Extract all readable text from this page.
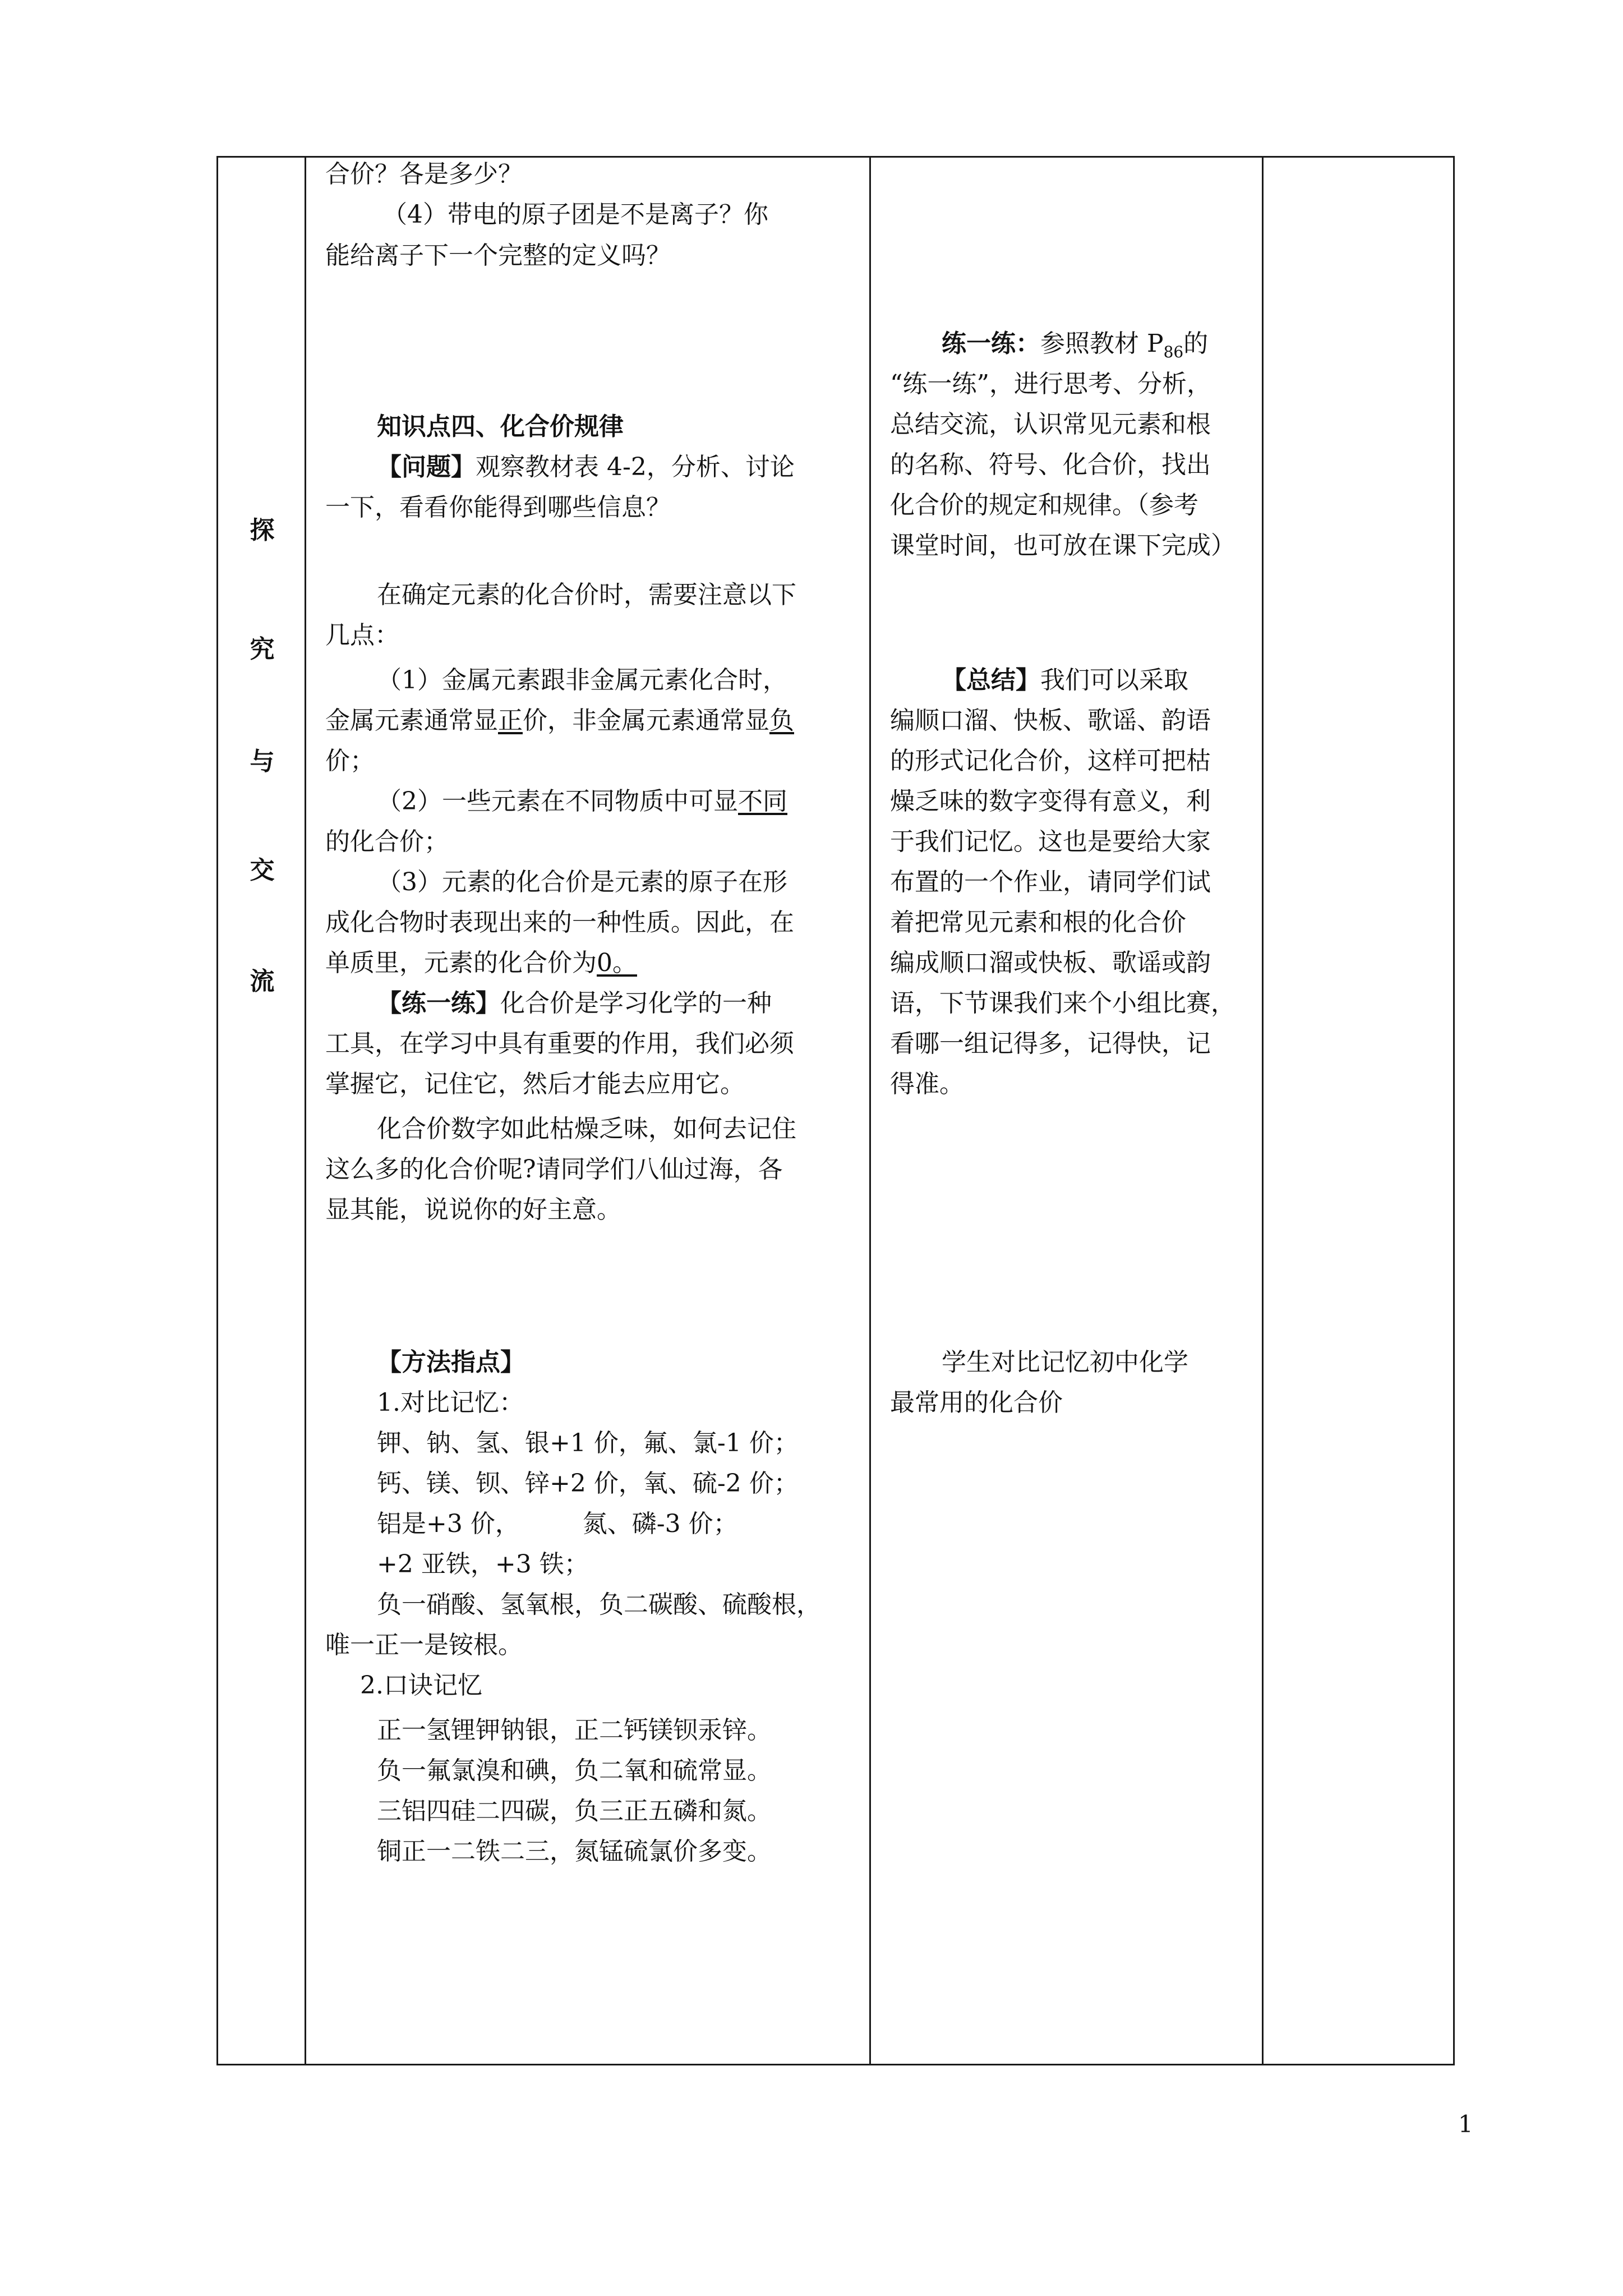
探
究
与
交
流
合价？各是多少？
（4）带电的原子团是不是离子？你
能给离子下一个完整的定义吗？
知识点四、化合价规律
【问题】观察教材表 4-2，分析、讨论
一下，看看你能得到哪些信息？
在确定元素的化合价时，需要注意以下
几点：
（1）金属元素跟非金属元素化合时，
金属元素通常显正价，非金属元素通常显负
价；
（2）一些元素在不同物质中可显不同
的化合价；
（3）元素的化合价是元素的原子在形
成化合物时表现出来的一种性质。因此，在
单质里，元素的化合价为0。
【练一练】化合价是学习化学的一种
工具，在学习中具有重要的作用，我们必须
掌握它，记住它，然后才能去应用它。
化合价数字如此枯燥乏味，如何去记住
这么多的化合价呢?请同学们八仙过海，各
显其能，说说你的好主意。
【方法指点】
1.对比记忆：
钾、钠、氢、银+1 价，氟、氯-1 价；
钙、镁、钡、锌+2 价，氧、硫-2 价；
铝是+3 价，        氮、磷-3 价；
+2 亚铁，+3 铁；
负一硝酸、氢氧根，负二碳酸、硫酸根，
唯一正一是铵根。
2.口诀记忆
正一氢锂钾钠银，正二钙镁钡汞锌。
负一氟氯溴和碘，负二氧和硫常显。
三铝四硅二四碳，负三正五磷和氮。
铜正一二铁二三，氮锰硫氯价多变。
练一练：参照教材 $P_{86}$的
“练一练”，进行思考、分析，
总结交流，认识常见元素和根
的名称、符号、化合价，找出
化合价的规定和规律。（参考
课堂时间，也可放在课下完成）
【总结】我们可以采取
编顺口溜、快板、歌谣、韵语
的形式记化合价，这样可把枯
燥乏味的数字变得有意义，利
于我们记忆。这也是要给大家
布置的一个作业，请同学们试
着把常见元素和根的化合价
编成顺口溜或快板、歌谣或韵
语，下节课我们来个小组比赛，
看哪一组记得多，记得快，记
得准。
学生对比记忆初中化学
最常用的化合价
1
